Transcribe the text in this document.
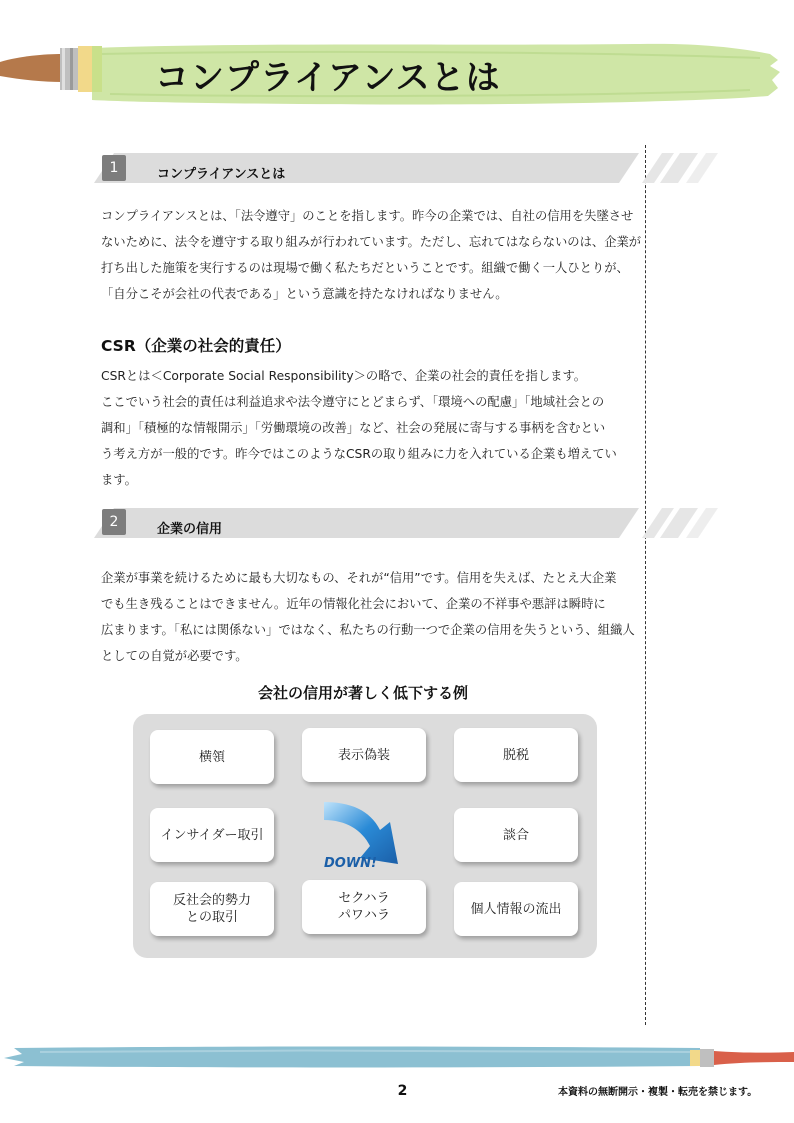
コンプライアンスとは
1	コンプライアンスとは

コンプライアンスとは、「法令遵守」のことを指します。昨今の企業では、自社の信用を失墜させ
ないために、法令を遵守する取り組みが行われています。ただし、忘れてはならないのは、企業が
打ち出した施策を実行するのは現場で働く私たちだということです。組織で働く一人ひとりが、
「自分こそが会社の代表である」という意識を持たなければなりません。

CSR（企業の社会的責任）

CSRとは＜Corporate Social Responsibility＞の略で、企業の社会的責任を指します。
ここでいう社会的責任は利益追求や法令遵守にとどまらず、「環境への配慮」「地域社会との
調和」「積極的な情報開示」「労働環境の改善」など、社会の発展に寄与する事柄を含むとい
う考え方が一般的です。昨今ではこのようなCSRの取り組みに力を入れている企業も増えてい
ます。

2	企業の信用

企業が事業を続けるために最も大切なもの、それが“信用”です。信用を失えば、たとえ大企業
でも生き残ることはできません。近年の情報化社会において、企業の不祥事や悪評は瞬時に
広まります。「私には関係ない」ではなく、私たちの行動一つで企業の信用を失うという、組織人
としての自覚が必要です。

会社の信用が著しく低下する例
横領	表示偽装	脱税
インサイダー取引	談合
反社会的勢力
との取引
セクハラ
パワハラ	個人情報の流出
DOWN!
2	本資料の無断開示・複製・転売を禁じます。
